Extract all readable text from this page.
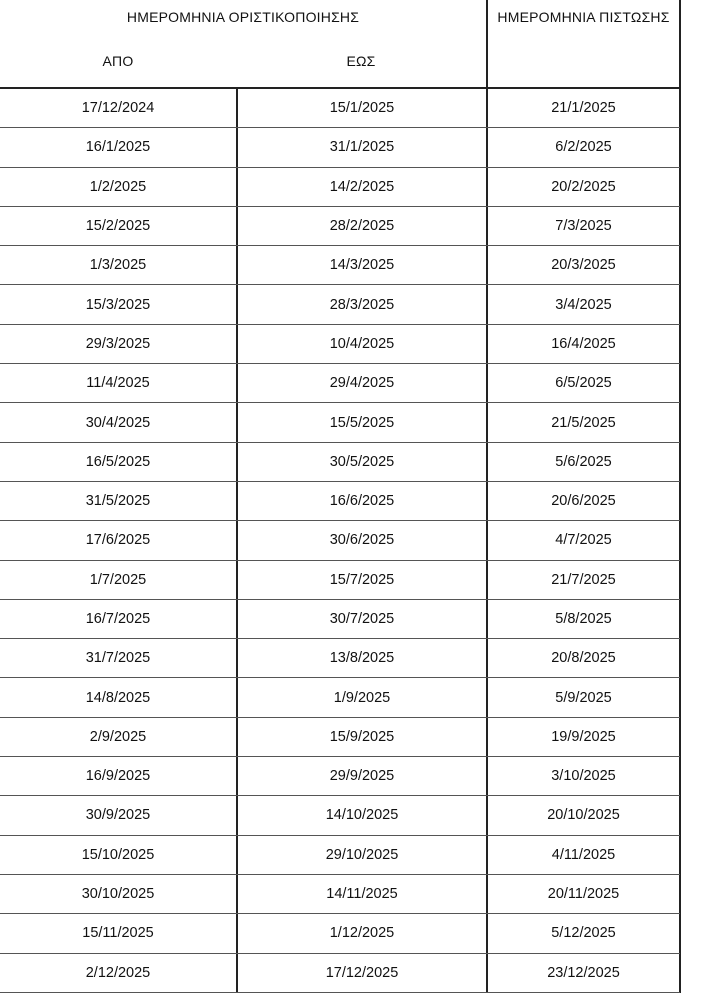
ΗΜΕΡΟΜΗΝΙΑ ΟΡΙΣΤΙΚΟΠΟΙΗΣΗΣ	ΗΜΕΡΟΜΗΝΙΑ ΠΙΣΤΩΣΗΣ
ΑΠΟ	ΕΩΣ
17/12/2024	15/1/2025	21/1/2025
16/1/2025	31/1/2025	6/2/2025
1/2/2025	14/2/2025	20/2/2025
15/2/2025	28/2/2025	7/3/2025
1/3/2025	14/3/2025	20/3/2025
15/3/2025	28/3/2025	3/4/2025
29/3/2025	10/4/2025	16/4/2025
11/4/2025	29/4/2025	6/5/2025
30/4/2025	15/5/2025	21/5/2025
16/5/2025	30/5/2025	5/6/2025
31/5/2025	16/6/2025	20/6/2025
17/6/2025	30/6/2025	4/7/2025
1/7/2025	15/7/2025	21/7/2025
16/7/2025	30/7/2025	5/8/2025
31/7/2025	13/8/2025	20/8/2025
14/8/2025	1/9/2025	5/9/2025
2/9/2025	15/9/2025	19/9/2025
16/9/2025	29/9/2025	3/10/2025
30/9/2025	14/10/2025	20/10/2025
15/10/2025	29/10/2025	4/11/2025
30/10/2025	14/11/2025	20/11/2025
15/11/2025	1/12/2025	5/12/2025
2/12/2025	17/12/2025	23/12/2025
